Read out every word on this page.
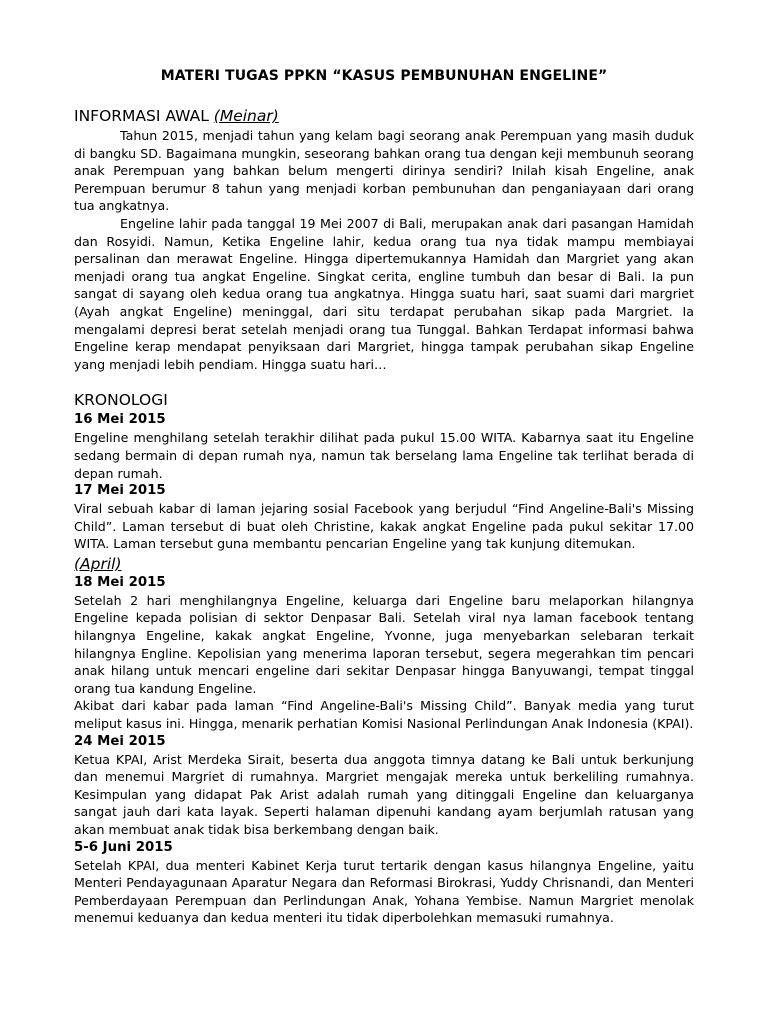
MATERI TUGAS PPKN “KASUS PEMBUNUHAN ENGELINE”

INFORMASI AWAL (Meinar)

Tahun 2015, menjadi tahun yang kelam bagi seorang anak Perempuan yang masih duduk di bangku SD. Bagaimana mungkin, seseorang bahkan orang tua dengan keji membunuh seorang anak Perempuan yang bahkan belum mengerti dirinya sendiri? Inilah kisah Engeline, anak Perempuan berumur 8 tahun yang menjadi korban pembunuhan dan penganiayaan dari orang tua angkatnya.

Engeline lahir pada tanggal 19 Mei 2007 di Bali, merupakan anak dari pasangan Hamidah dan Rosyidi. Namun, Ketika Engeline lahir, kedua orang tua nya tidak mampu membiayai persalinan dan merawat Engeline. Hingga dipertemukannya Hamidah dan Margriet yang akan menjadi orang tua angkat Engeline. Singkat cerita, engline tumbuh dan besar di Bali. Ia pun sangat di sayang oleh kedua orang tua angkatnya. Hingga suatu hari, saat suami dari margriet (Ayah angkat Engeline) meninggal, dari situ terdapat perubahan sikap pada Margriet. Ia mengalami depresi berat setelah menjadi orang tua Tunggal. Bahkan Terdapat informasi bahwa Engeline kerap mendapat penyiksaan dari Margriet, hingga tampak perubahan sikap Engeline yang menjadi lebih pendiam. Hingga suatu hari…

KRONOLOGI

16 Mei 2015

Engeline menghilang setelah terakhir dilihat pada pukul 15.00 WITA. Kabarnya saat itu Engeline sedang bermain di depan rumah nya, namun tak berselang lama Engeline tak terlihat berada di depan rumah.

17 Mei 2015

Viral sebuah kabar di laman jejaring sosial Facebook yang berjudul “Find Angeline-Bali's Missing Child”. Laman tersebut di buat oleh Christine, kakak angkat Engeline pada pukul sekitar 17.00 WITA. Laman tersebut guna membantu pencarian Engeline yang tak kunjung ditemukan.

(April)

18 Mei 2015

Setelah 2 hari menghilangnya Engeline, keluarga dari Engeline baru melaporkan hilangnya Engeline kepada polisian di sektor Denpasar Bali. Setelah viral nya laman facebook tentang hilangnya Engeline, kakak angkat Engeline, Yvonne, juga menyebarkan selebaran terkait hilangnya Engline. Kepolisian yang menerima laporan tersebut, segera megerahkan tim pencari anak hilang untuk mencari engeline dari sekitar Denpasar hingga Banyuwangi, tempat tinggal orang tua kandung Engeline.

Akibat dari kabar pada laman “Find Angeline-Bali's Missing Child”. Banyak media yang turut meliput kasus ini. Hingga, menarik perhatian Komisi Nasional Perlindungan Anak Indonesia (KPAI).

24 Mei 2015

Ketua KPAI, Arist Merdeka Sirait, beserta dua anggota timnya datang ke Bali untuk berkunjung dan menemui Margriet di rumahnya. Margriet mengajak mereka untuk berkeliling rumahnya. Kesimpulan yang didapat Pak Arist adalah rumah yang ditinggali Engeline dan keluarganya sangat jauh dari kata layak. Seperti halaman dipenuhi kandang ayam berjumlah ratusan yang akan membuat anak tidak bisa berkembang dengan baik.

5-6 Juni 2015

Setelah KPAI, dua menteri Kabinet Kerja turut tertarik dengan kasus hilangnya Engeline, yaitu Menteri Pendayagunaan Aparatur Negara dan Reformasi Birokrasi, Yuddy Chrisnandi, dan Menteri Pemberdayaan Perempuan dan Perlindungan Anak, Yohana Yembise. Namun Margriet menolak menemui keduanya dan kedua menteri itu tidak diperbolehkan memasuki rumahnya.
